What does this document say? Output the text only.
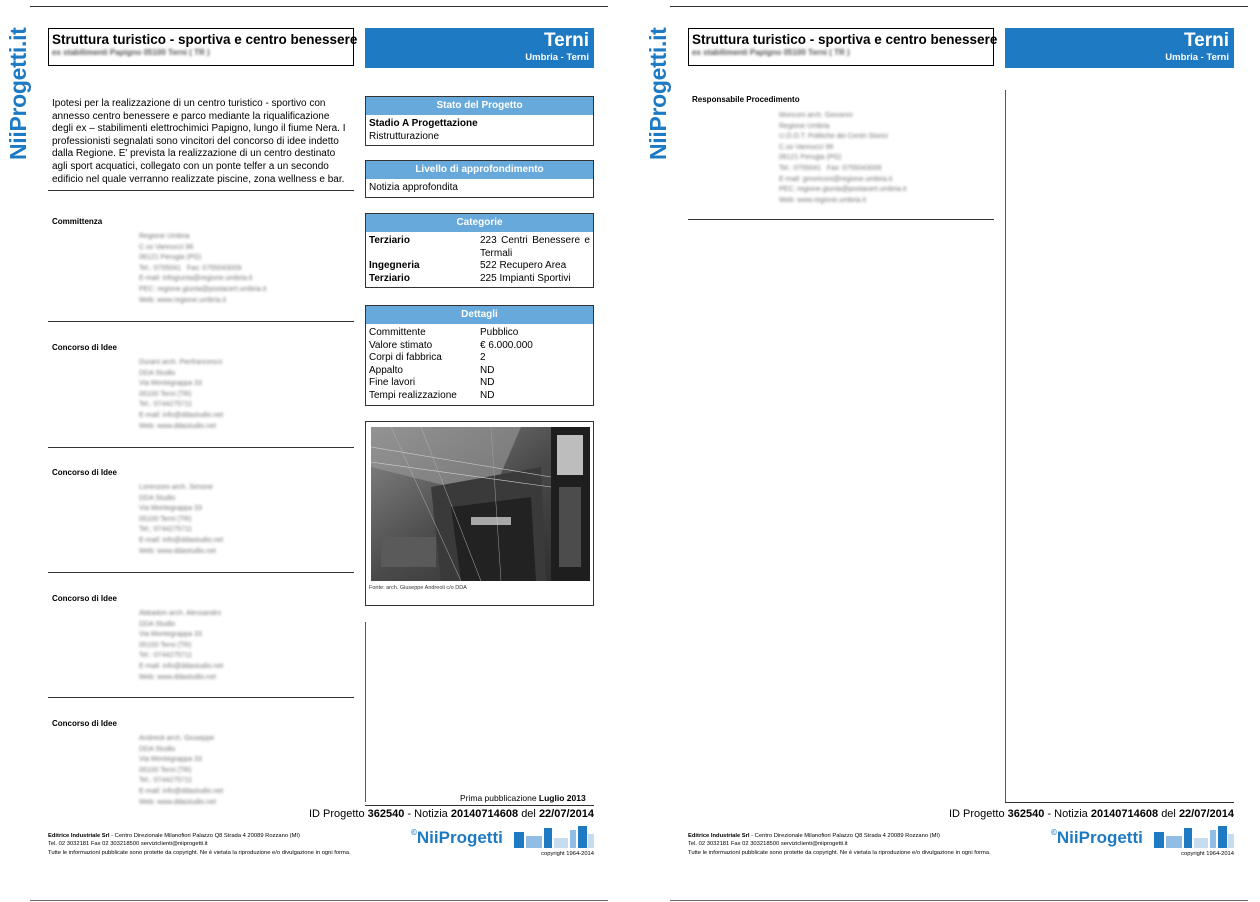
NiiProgetti.it Struttura turistico - sportiva e centro benessere
ex stabilimenti Papigno 05100 Terni ( TR )
Terni
Umbria - Terni
Ipotesi per la realizzazione di un centro turistico - sportivo con annesso centro benessere e parco mediante la riqualificazione degli ex – stabilimenti elettrochimici Papigno, lungo il fiume Nera. I professionisti segnalati sono vincitori del concorso di idee indetto dalla Regione. E' prevista la realizzazione di un centro destinato agli sport acquatici, collegato con un ponte telfer a un secondo edificio nel quale verranno realizzate piscine, zona wellness e bar.
Committenza
Regione Umbria
C.so Vannucci 96
06121 Perugia (PG)
Tel.: 0755041   Fax: 0755043009
E-mail: infogiunta@regione.umbria.it
PEC: regione.giunta@postacert.umbria.it
Web: www.regione.umbria.it
Concorso di Idee
Durant arch. Pierfrancesco
DDA Studio
Via Montegrappa 33
05100 Terni (TR)
Tel.: 0744275711
E-mail: info@ddastudio.net
Web: www.ddastudio.net
Concorso di Idee
Lorenzoni arch. Simone
DDA Studio
Via Montegrappa 33
05100 Terni (TR)
Tel.: 0744275711
E-mail: info@ddastudio.net
Web: www.ddastudio.net
Concorso di Idee
Abbadori arch. Alessandro
DDA Studio
Via Montegrappa 33
05100 Terni (TR)
Tel.: 0744275711
E-mail: info@ddastudio.net
Web: www.ddastudio.net
Concorso di Idee
Andreoli arch. Giuseppe
DDA Studio
Via Montegrappa 33
05100 Terni (TR)
Tel.: 0744275711
E-mail: info@ddastudio.net
Web: www.ddastudio.net
Stato del Progetto
Stadio A Progettazione
Ristrutturazione
Livello di approfondimento
Notizia approfondita
Categorie
Terziario	223 Centri Benessere e Termali
Ingegneria	522 Recupero Area
Terziario	225 Impianti Sportivi
Dettagli
Committente	Pubblico
Valore stimato	€ 6.000.000
Corpi di fabbrica	2
Appalto	ND
Fine lavori	ND
Tempi realizzazione	ND
Fonte: arch. Giuseppe Andreoli c/o DDA
Prima pubblicazione Luglio 2013
ID Progetto 362540 - Notizia 20140714608 del 22/07/2014
Editrice Industriale Srl - Centro Direzionale Milanofiori Palazzo Q8 Strada 4 20089 Rozzano (MI)
Tel. 02 3032181 Fax 02 303218500 serviziclienti@niiprogetti.it
Tutte le informazioni pubblicate sono protette da copyright. Ne è vietata la riproduzione e/o divulgazione in ogni forma.
©NiiProgetti
copyright 1964-2014
NiiProgetti.it Struttura turistico - sportiva e centro benessere
ex stabilimenti Papigno 05100 Terni ( TR )
Terni
Umbria - Terni
Responsabile Procedimento
Moriconi arch. Giovanni
Regione Umbria
U.O.O.T. Politiche dei Centri Storici
C.so Vannucci 96
06121 Perugia (PG)
Tel.: 0755041   Fax: 0755043009
E-mail: gmoriconi@regione.umbria.it
PEC: regione.giunta@postacert.umbria.it
Web: www.regione.umbria.it
ID Progetto 362540 - Notizia 20140714608 del 22/07/2014
Editrice Industriale Srl - Centro Direzionale Milanofiori Palazzo Q8 Strada 4 20089 Rozzano (MI)
Tel. 02 3032181 Fax 02 303218500 serviziclienti@niiprogetti.it
Tutte le informazioni pubblicate sono protette da copyright. Ne è vietata la riproduzione e/o divulgazione in ogni forma.
©NiiProgetti
copyright 1964-2014
